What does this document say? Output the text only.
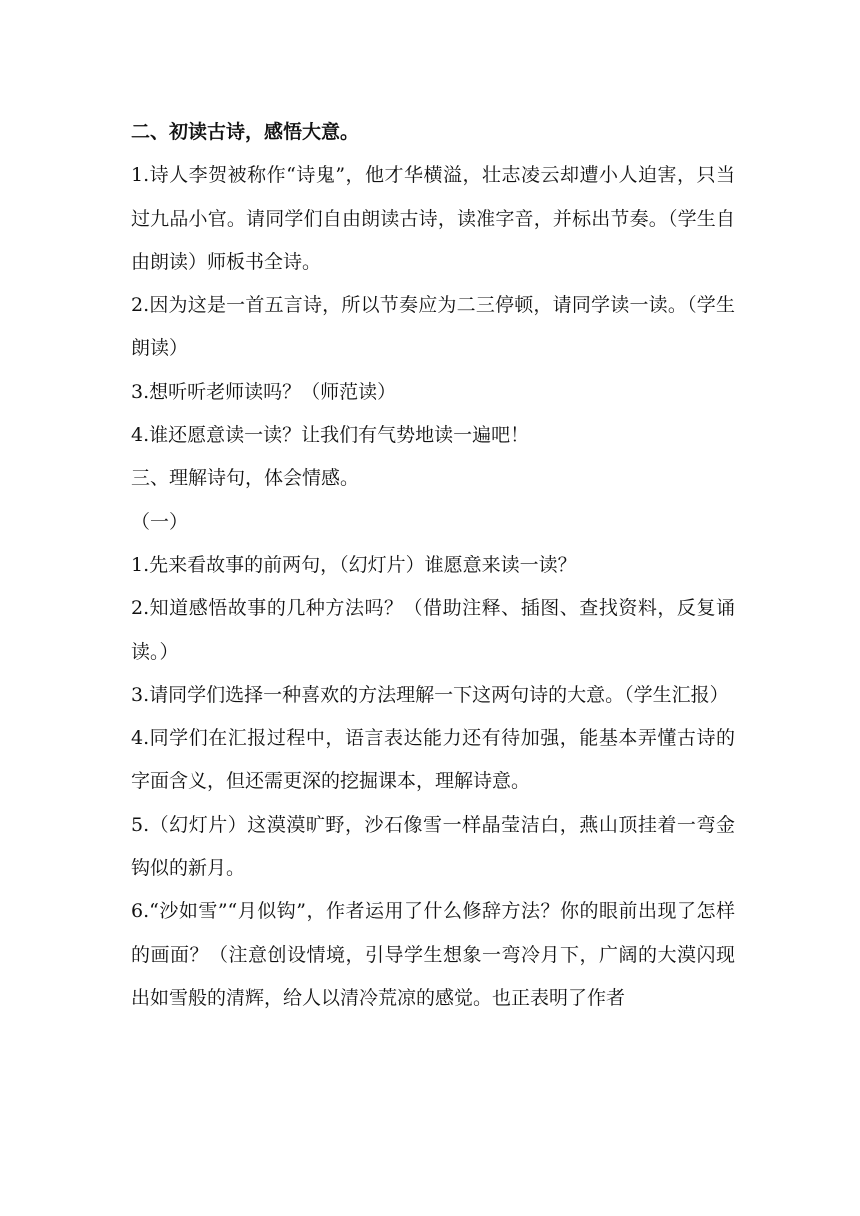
二、初读古诗，感悟大意。

1.诗人李贺被称作“诗鬼”，他才华横溢，壮志凌云却遭小人迫害，只当过九品小官。请同学们自由朗读古诗，读准字音，并标出节奏。（学生自由朗读）师板书全诗。

2.因为这是一首五言诗，所以节奏应为二三停顿，请同学读一读。（学生朗读）

3.想听听老师读吗？（师范读）

4.谁还愿意读一读？让我们有气势地读一遍吧！

三、理解诗句，体会情感。

（一）

1.先来看故事的前两句，（幻灯片）谁愿意来读一读？

2.知道感悟故事的几种方法吗？（借助注释、插图、查找资料，反复诵读。）

3.请同学们选择一种喜欢的方法理解一下这两句诗的大意。（学生汇报）

4.同学们在汇报过程中，语言表达能力还有待加强，能基本弄懂古诗的字面含义，但还需更深的挖掘课本，理解诗意。

5.（幻灯片）这漠漠旷野，沙石像雪一样晶莹洁白，燕山顶挂着一弯金钩似的新月。

6.“沙如雪”“月似钩”，作者运用了什么修辞方法？你的眼前出现了怎样的画面？（注意创设情境，引导学生想象一弯冷月下，广阔的大漠闪现出如雪般的清辉，给人以清冷荒凉的感觉。也正表明了作者
